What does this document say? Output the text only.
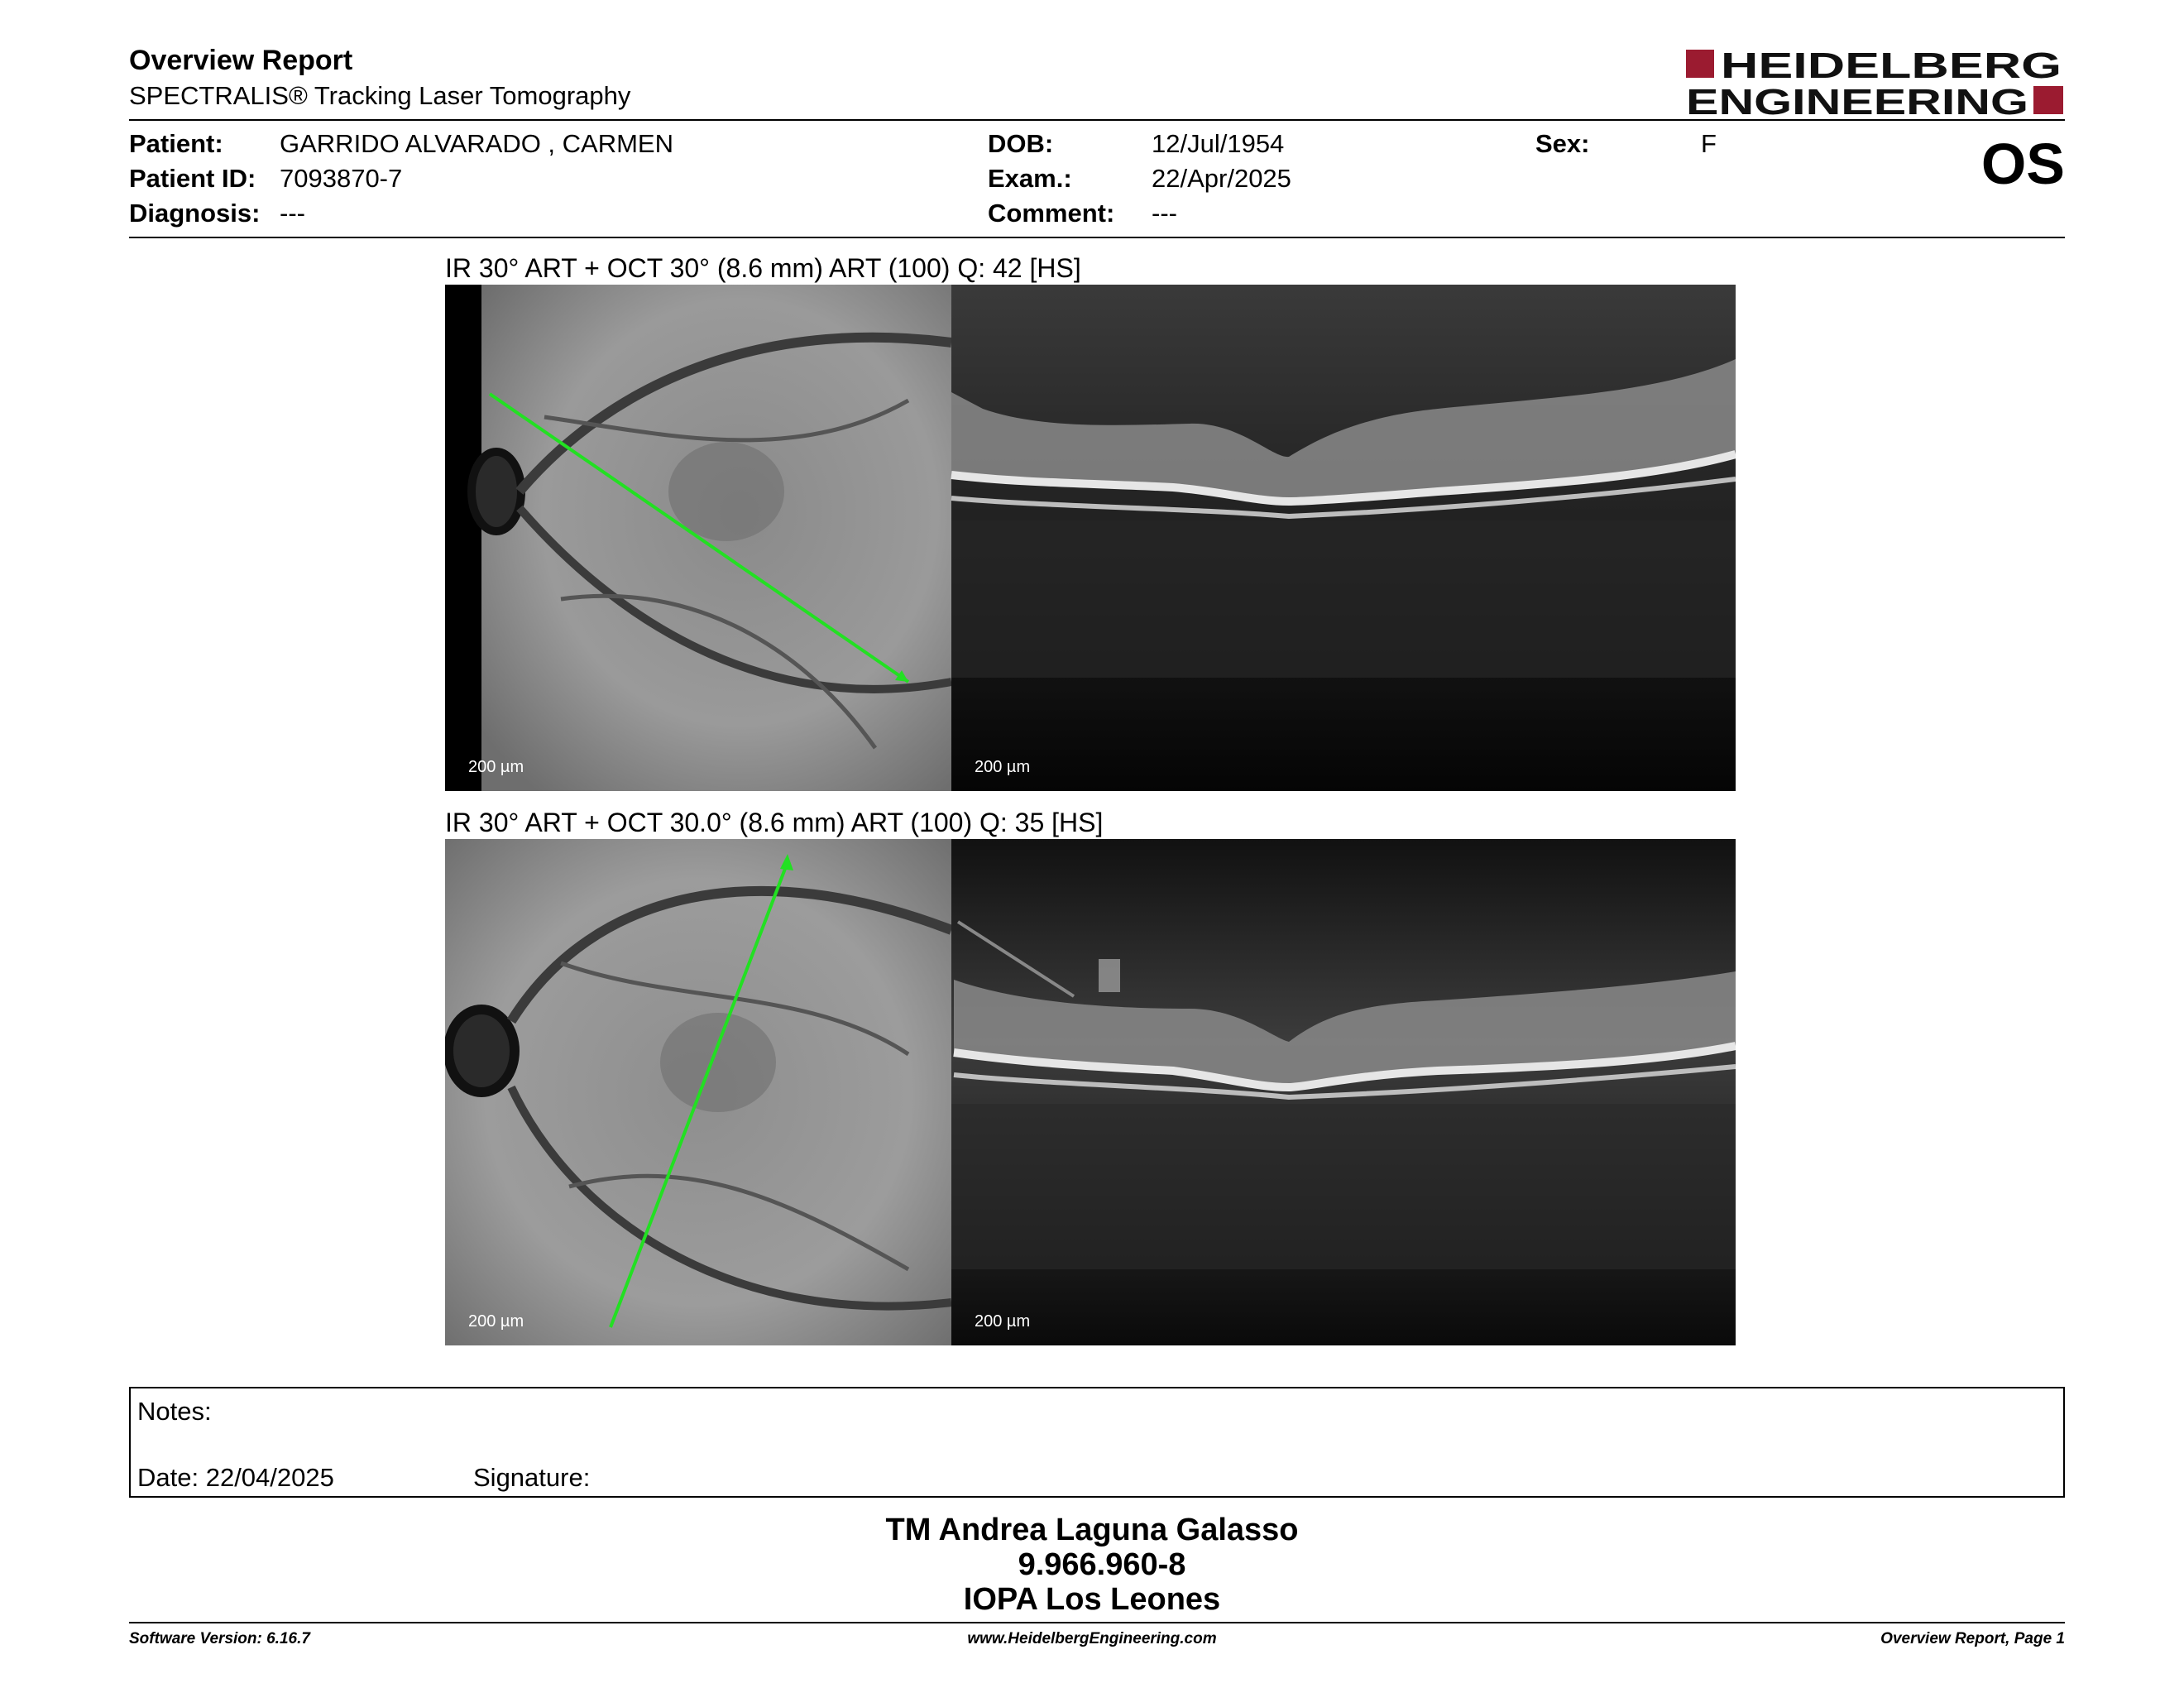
Overview Report
SPECTRALIS® Tracking Laser Tomography
HEIDELBERG
ENGINEERING
Patient: GARRIDO ALVARADO , CARMEN
Patient ID: 7093870-7
Diagnosis: ---
DOB:	12/Jul/1954
Exam.:	22/Apr/2025
Comment: ---
Sex:	F	OS
IR 30° ART + OCT 30° (8.6 mm) ART (100) Q: 42 [HS]
200 µm	200 µm
IR 30° ART + OCT 30.0° (8.6 mm) ART (100) Q: 35 [HS]
200 µm	200 µm
Notes:
Date: 22/04/2025	Signature:
TM Andrea Laguna Galasso
9.966.960-8
IOPA Los Leones
Software Version: 6.16.7	www.HeidelbergEngineering.com	Overview Report, Page 1
